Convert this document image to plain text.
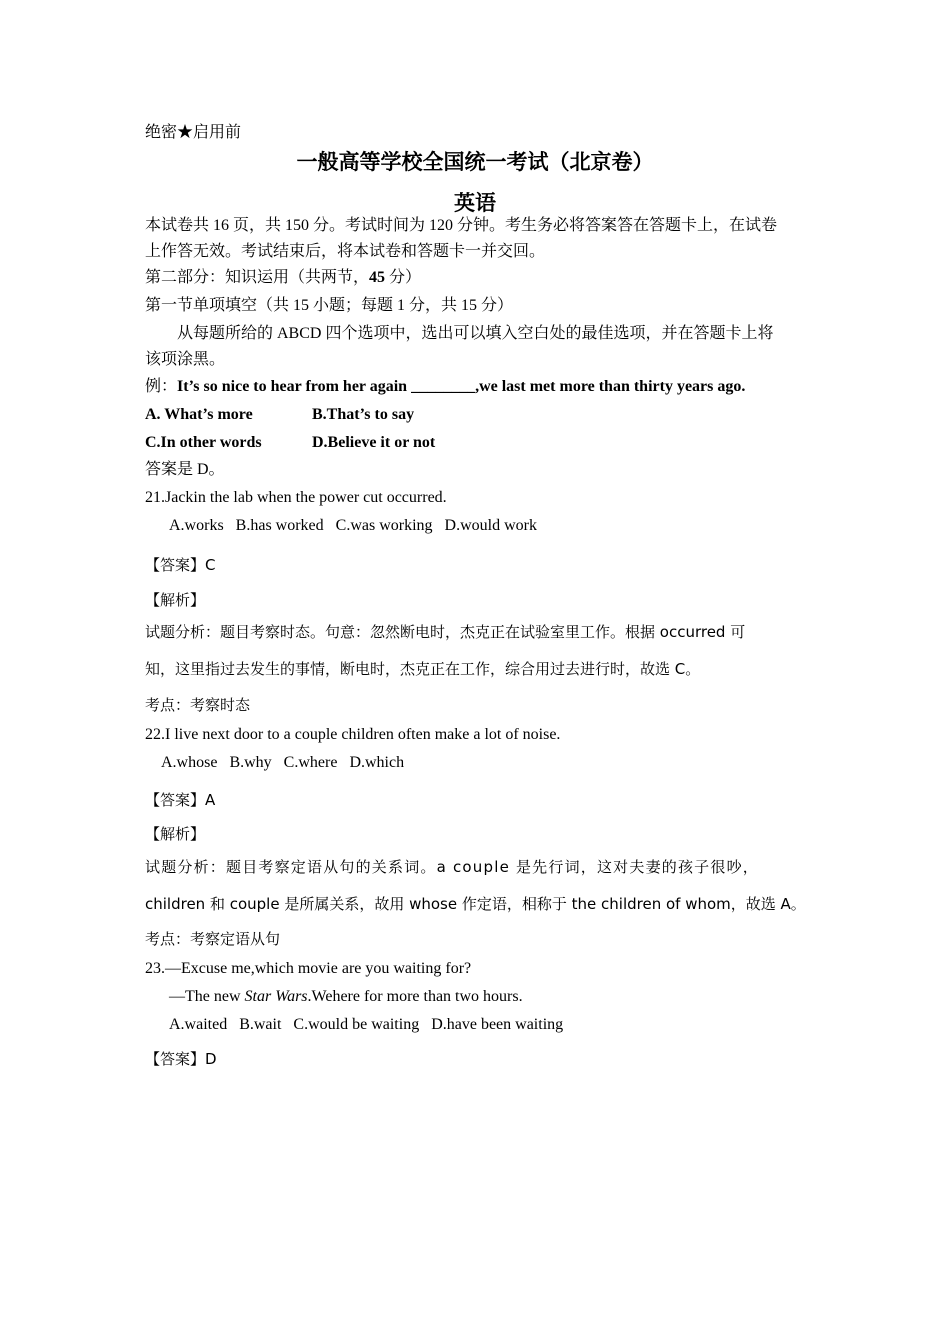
绝密★启用前
一般高等学校全国统一考试（北京卷）
英语
本试卷共 16 页，共 150 分。考试时间为 120 分钟。考生务必将答案答在答题卡上，在试卷
上作答无效。考试结束后，将本试卷和答题卡一并交回。
第二部分：知识运用（共两节，45 分）
第一节单项填空（共 15 小题；每题 1 分，共 15 分）
从每题所给的 ABCD 四个选项中，选出可以填入空白处的最佳选项，并在答题卡上将
该项涂黑。
例：It’s so nice to hear from her again ________,we last met more than thirty years ago.
A. What’s more	B.That’s to say
C.In other words	D.Believe it or not
答案是 D。
21.Jackin the lab when the power cut occurred.
A.works B.has worked C.was working D.would work
【答案】C
【解析】
试题分析：题目考察时态。句意：忽然断电时，杰克正在试验室里工作。根据 occurred 可
知，这里指过去发生的事情，断电时，杰克正在工作，综合用过去进行时，故选 C。
考点：考察时态
22.I live next door to a couple children often make a lot of noise.
A.whose B.why C.where D.which
【答案】A
【解析】
试题分析：题目考察定语从句的关系词。a couple 是先行词，这对夫妻的孩子很吵，
children 和 couple 是所属关系，故用 whose 作定语，相称于 the children of whom，故选 A。
考点：考察定语从句
23.—Excuse me,which movie are you waiting for?
—The new Star Wars.Wehere for more than two hours.
A.waited B.wait C.would be waiting D.have been waiting
【答案】D
